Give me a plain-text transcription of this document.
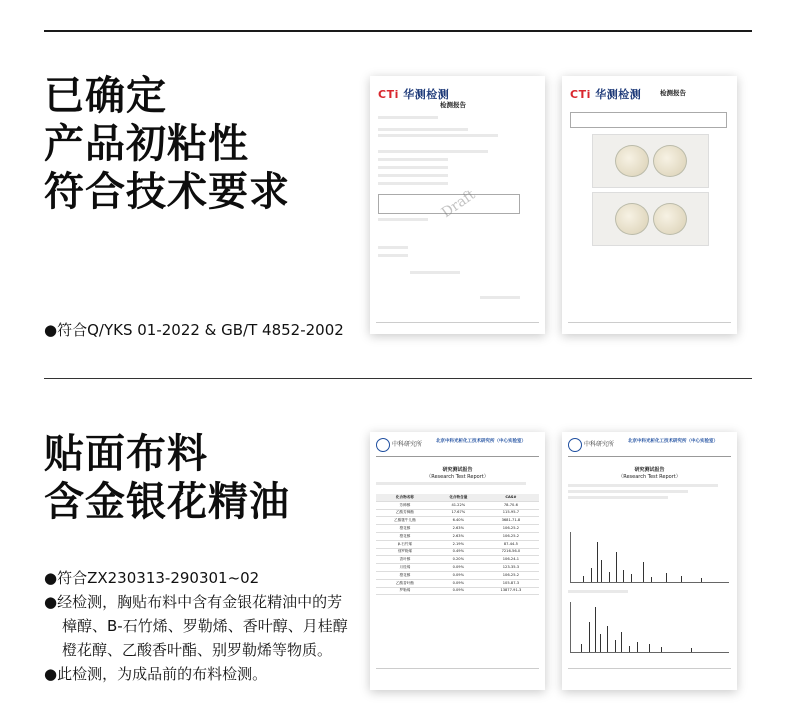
已确定
产品初粘性
符合技术要求
●符合Q/YKS 01-2022 & GB/T 4852-2002
CTi 华测检测
检测报告
Draft
CTi 华测检测	检测报告
贴面布料
含金银花精油
●符合ZX230313-290301~02
●经检测，胸贴布料中含有金银花精油中的芳
樟醇、Β-石竹烯、罗勒烯、香叶醇、月桂醇
橙花醇、乙酸香叶酯、别罗勒烯等物质。
●此检测，为成品前的布料检测。
中科研究所	北京中科光析化工技术研究所（中心实验室）
研究测试报告
（Research Test Report）
化合物名称	化合物含量	CAS#
芳樟醇	41.22%	78-70-6
乙酸芳樟酯	17.67%	115-95-7
乙酸牻牛儿酯	6.40%	3681-71-8
橙花醇	2.63%	106-25-2
橙花醇	2.63%	106-25-2
β-石竹烯	2.19%	87-44-5
别罗勒烯	0.49%	7216-56-0
香叶醇	0.20%	106-24-1
月桂烯	0.09%	123-35-3
橙花醇	0.09%	106-25-2
乙酸香叶酯	0.09%	105-87-3
罗勒烯	0.09%	13877-91-3
中科研究所	北京中科光析化工技术研究所（中心实验室）
研究测试报告
（Research Test Report）
